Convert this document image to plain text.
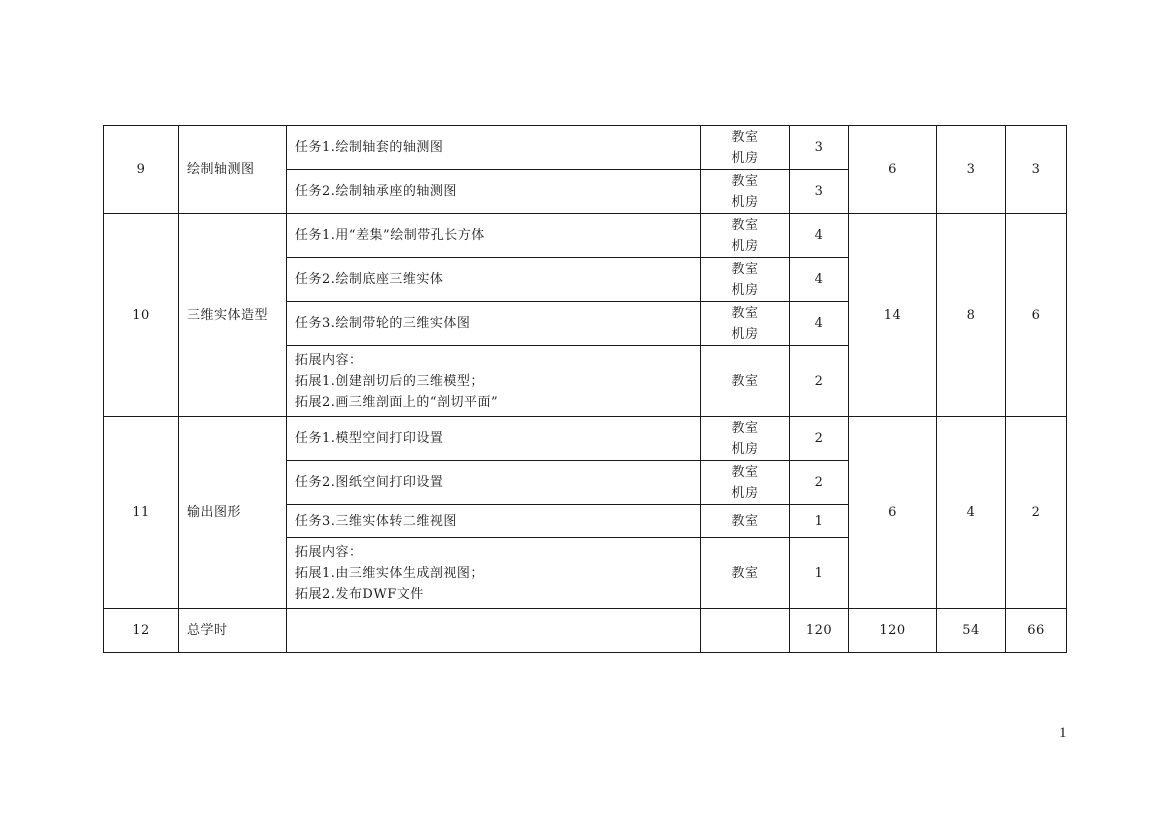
9	绘制轴测图	任务1.绘制轴套的轴测图	教室
机房	3	6	3	3

		任务2.绘制轴承座的轴测图	教室
机房	3			
10	三维实体造型	任务1.用“差集”绘制带孔长方体	教室
机房	4	14	8	6

		任务2.绘制底座三维实体	教室
机房	4			

		任务3.绘制带轮的三维实体图	教室
机房	4			

		拓展内容：
拓展1.创建剖切后的三维模型；
拓展2.画三维剖面上的“剖切平面”	教室	2			
11	输出图形	任务1.模型空间打印设置	教室
机房	2	6	4	2

		任务2.图纸空间打印设置	教室
机房	2			

		任务3.三维实体转二维视图	教室	1			

		拓展内容：
拓展1.由三维实体生成剖视图；
拓展2.发布DWF文件	教室	1			
12	总学时			120	120	54	66
1
